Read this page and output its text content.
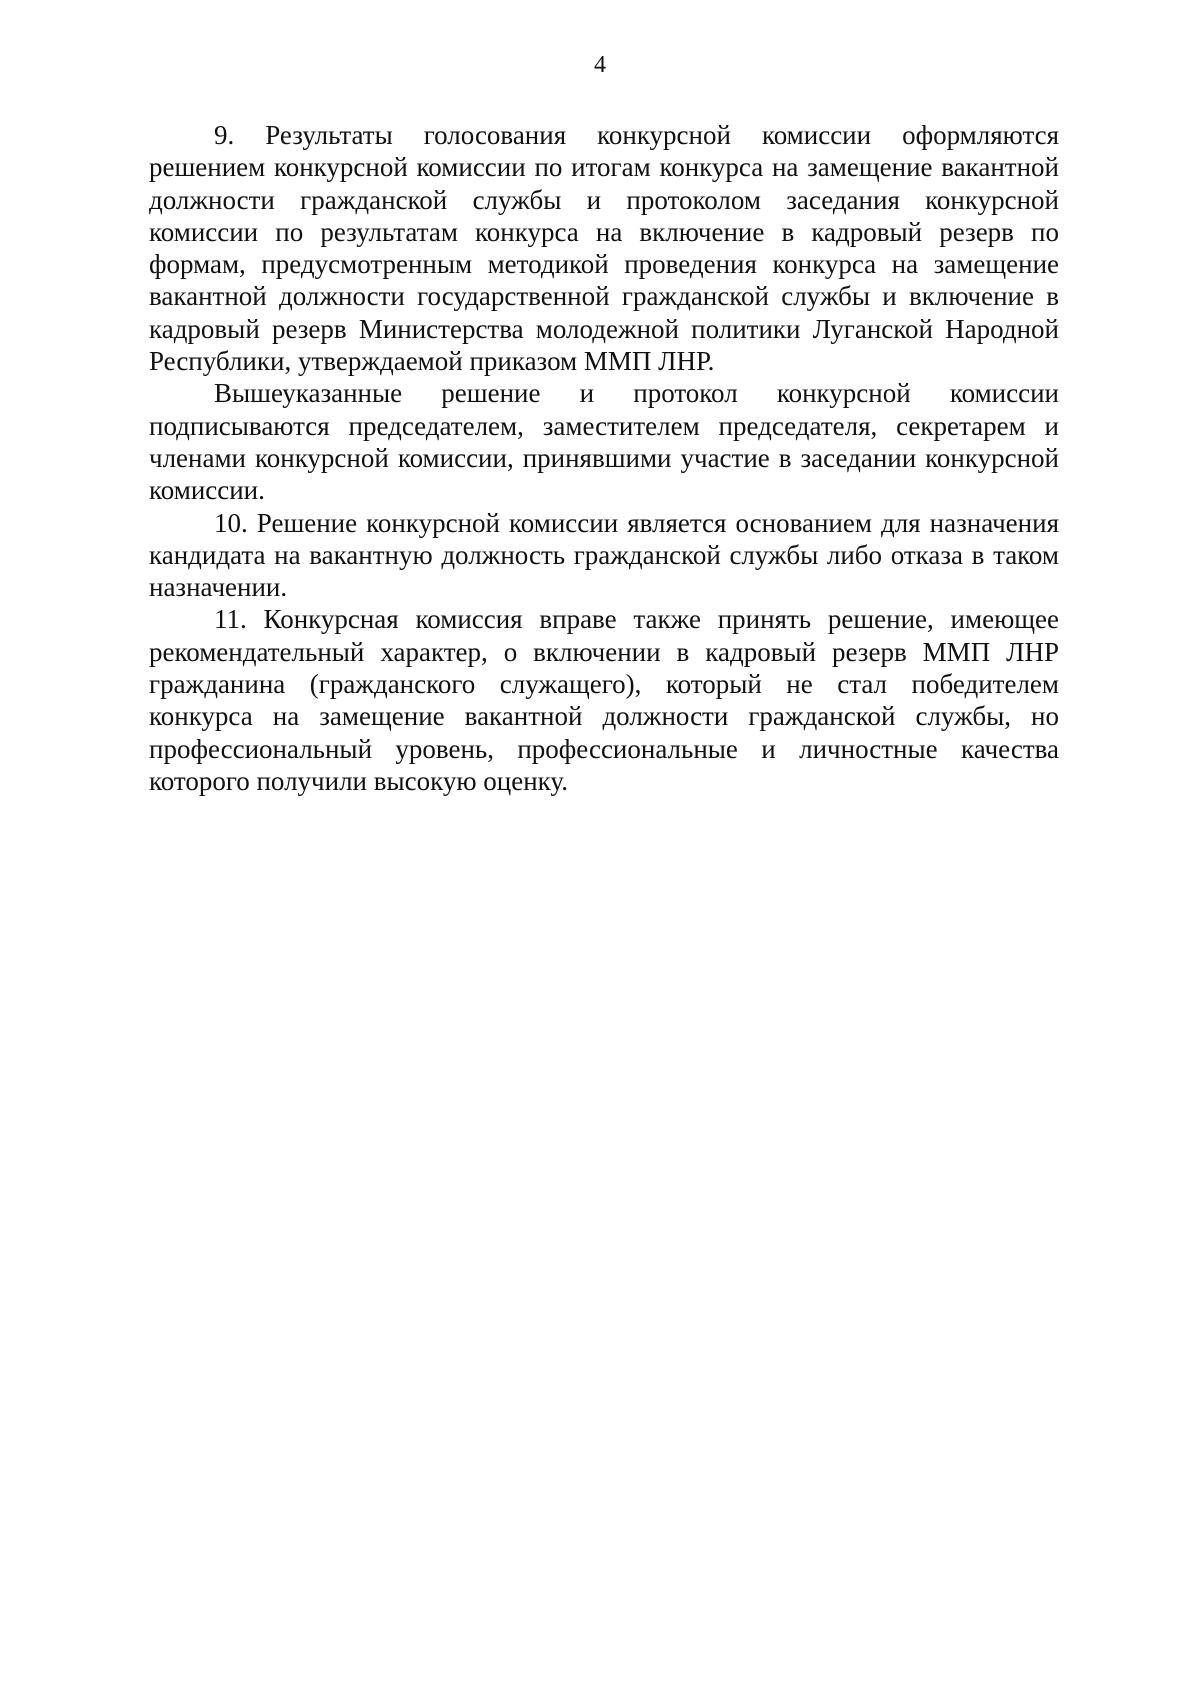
4

9. Результаты голосования конкурсной комиссии оформляются решением конкурсной комиссии по итогам конкурса на замещение вакантной должности гражданской службы и протоколом заседания конкурсной комиссии по результатам конкурса на включение в кадровый резерв по формам, предусмотренным методикой проведения конкурса на замещение вакантной должности государственной гражданской службы и включение в кадровый резерв Министерства молодежной политики Луганской Народной Республики, утверждаемой приказом ММП ЛНР.

Вышеуказанные решение и протокол конкурсной комиссии подписываются председателем, заместителем председателя, секретарем и членами конкурсной комиссии, принявшими участие в заседании конкурсной комиссии.

10. Решение конкурсной комиссии является основанием для назначения кандидата на вакантную должность гражданской службы либо отказа в таком назначении.

11. Конкурсная комиссия вправе также принять решение, имеющее рекомендательный характер, о включении в кадровый резерв ММП ЛНР гражданина (гражданского служащего), который не стал победителем конкурса на замещение вакантной должности гражданской службы, но профессиональный уровень, профессиональные и личностные качества которого получили высокую оценку.
